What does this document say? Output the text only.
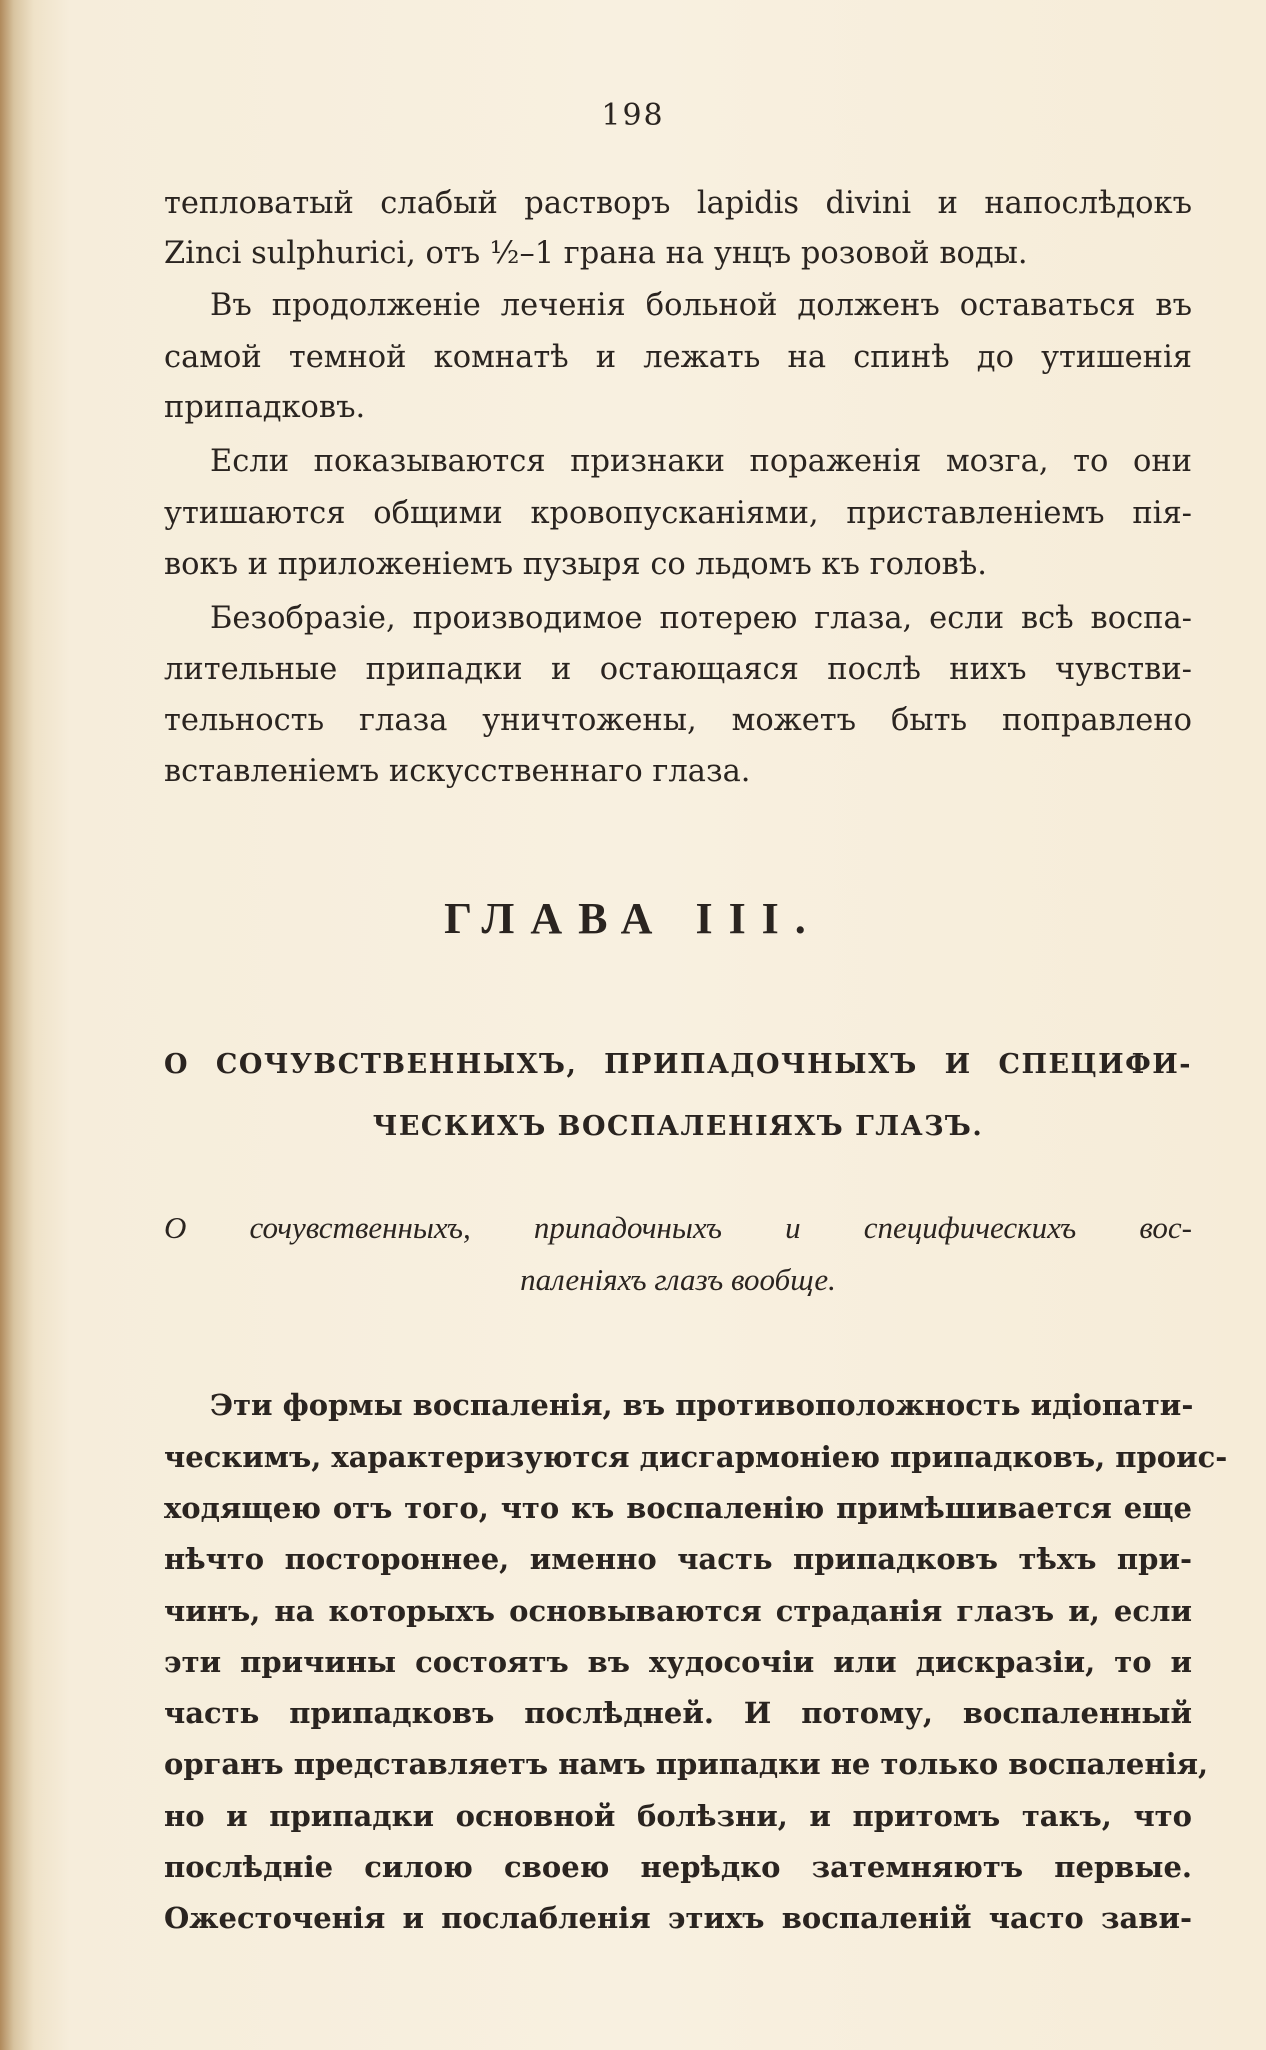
198
тепловатый слабый растворъ lapidis divini и напослѣдокъ
Zinci sulphurici, отъ ½–1 грана на унцъ розовой воды.
Въ продолженіе леченія больной долженъ оставаться въ
самой темной комнатѣ и лежать на спинѣ до утишенія
припадковъ.
Если показываются признаки пораженія мозга, то они
утишаются общими кровопусканіями, приставленіемъ пія-
вокъ и приложеніемъ пузыря со льдомъ къ головѣ.
Безобразіе, производимое потерею глаза, если всѣ воспа-
лительные припадки и остающаяся послѣ нихъ чувстви-
тельность глаза уничтожены, можетъ быть поправлено
вставленіемъ искусственнаго глаза.
ГЛАВА III.
О СОЧУВСТВЕННЫХЪ, ПРИПАДОЧНЫХЪ И СПЕЦИФИ-
ЧЕСКИХЪ ВОСПАЛЕНІЯХЪ ГЛАЗЪ.
О сочувственныхъ, припадочныхъ и специфическихъ вос-
паленіяхъ глазъ вообще.
Эти формы воспаленія, въ противоположность идіопати-
ческимъ, характеризуются дисгармоніею припадковъ, проис-
ходящею отъ того, что къ воспаленію примѣшивается еще
нѣчто постороннее, именно часть припадковъ тѣхъ при-
чинъ, на которыхъ основываются страданія глазъ и, если
эти причины состоятъ въ худосочіи или дискразіи, то и
часть припадковъ послѣдней. И потому, воспаленный
органъ представляетъ намъ припадки не только воспаленія,
но и припадки основной болѣзни, и притомъ такъ, что
послѣдніе силою своею нерѣдко затемняютъ первые.
Ожесточенія и послабленія этихъ воспаленій часто зави-
